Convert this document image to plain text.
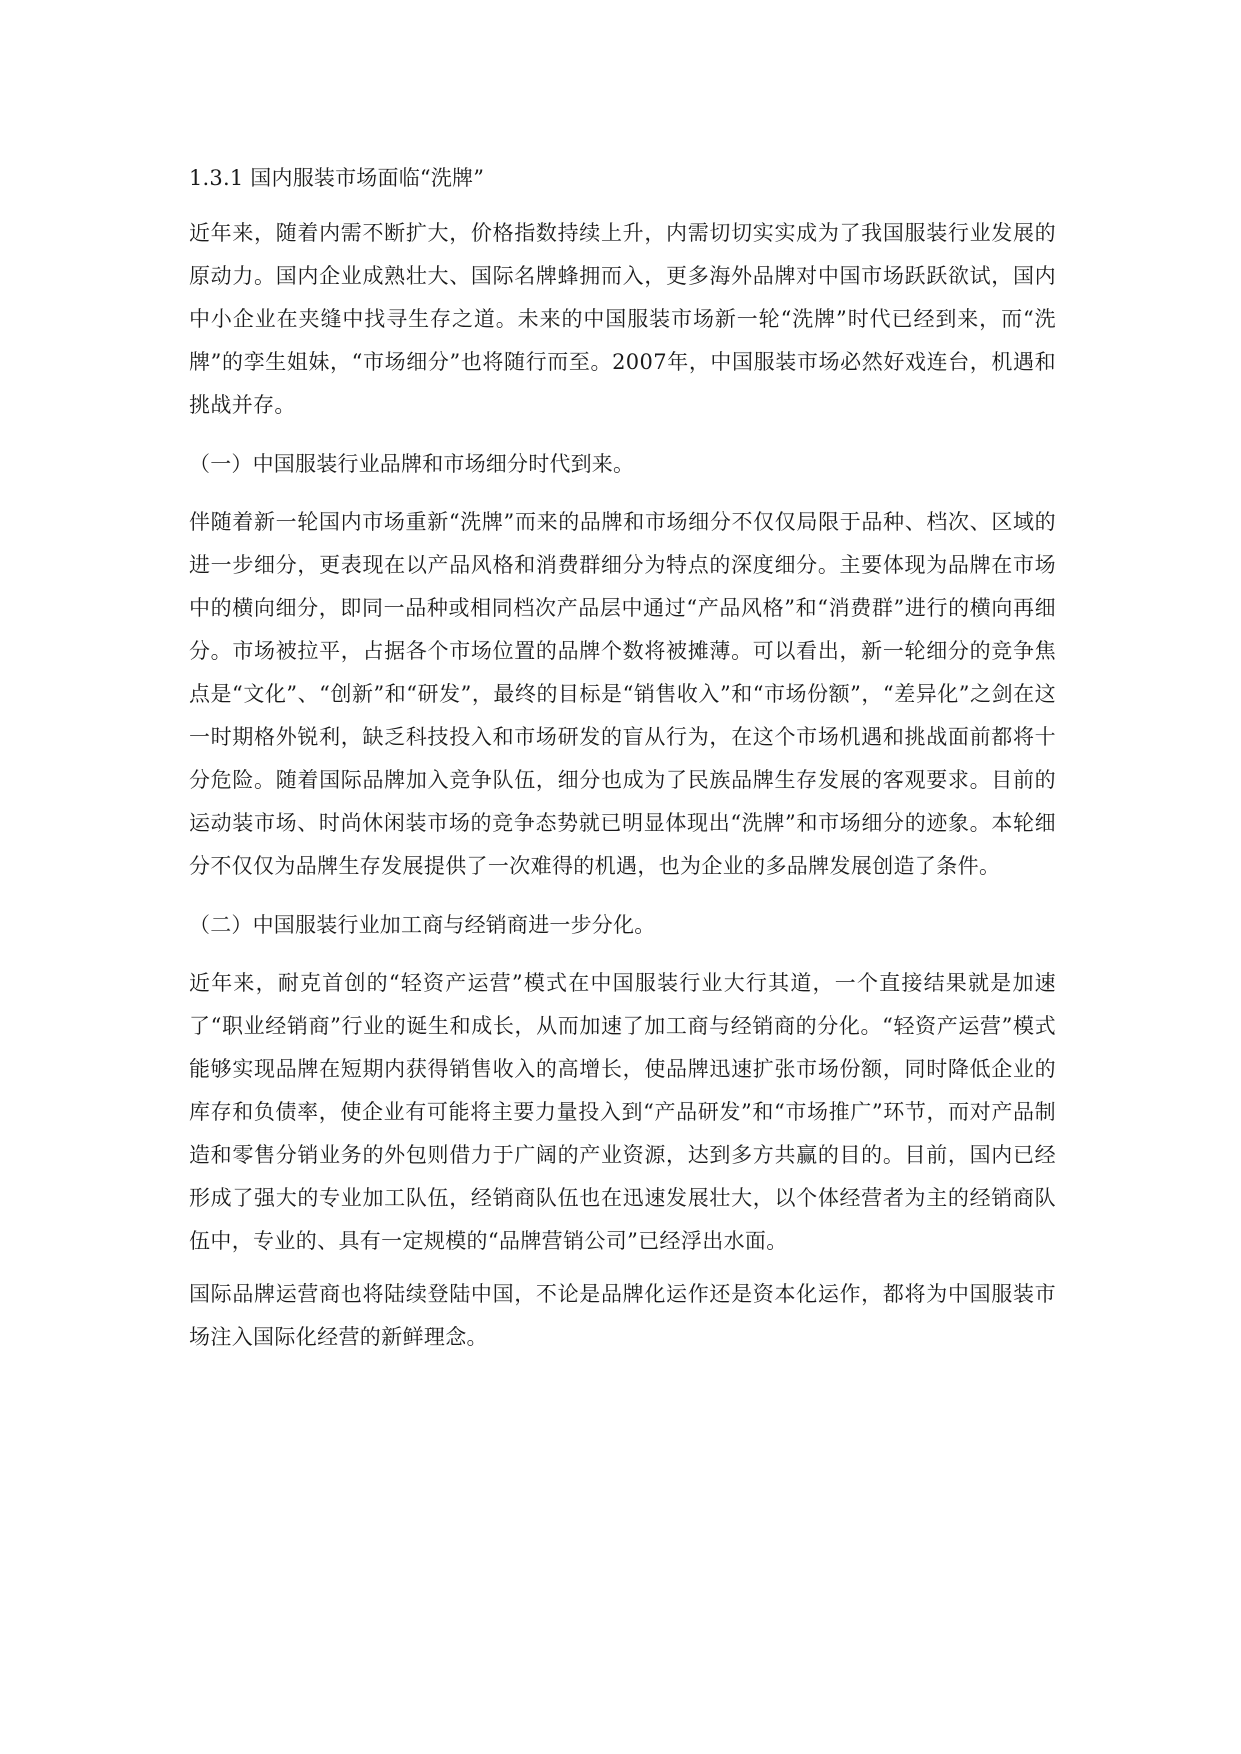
1.3.1 国内服装市场面临“洗牌”

近年来，随着内需不断扩大，价格指数持续上升，内需切切实实成为了我国服装行业发展的原动力。国内企业成熟壮大、国际名牌蜂拥而入，更多海外品牌对中国市场跃跃欲试，国内中小企业在夹缝中找寻生存之道。未来的中国服装市场新一轮“洗牌”时代已经到来，而“洗牌”的孪生姐妹，“市场细分”也将随行而至。2007年，中国服装市场必然好戏连台，机遇和挑战并存。

（一）中国服装行业品牌和市场细分时代到来。

伴随着新一轮国内市场重新“洗牌”而来的品牌和市场细分不仅仅局限于品种、档次、区域的进一步细分，更表现在以产品风格和消费群细分为特点的深度细分。主要体现为品牌在市场中的横向细分，即同一品种或相同档次产品层中通过“产品风格”和“消费群”进行的横向再细分。市场被拉平，占据各个市场位置的品牌个数将被摊薄。可以看出，新一轮细分的竞争焦点是“文化”、“创新”和“研发”，最终的目标是“销售收入”和“市场份额”，“差异化”之剑在这一时期格外锐利，缺乏科技投入和市场研发的盲从行为，在这个市场机遇和挑战面前都将十分危险。随着国际品牌加入竞争队伍，细分也成为了民族品牌生存发展的客观要求。目前的运动装市场、时尚休闲装市场的竞争态势就已明显体现出“洗牌”和市场细分的迹象。本轮细分不仅仅为品牌生存发展提供了一次难得的机遇，也为企业的多品牌发展创造了条件。

（二）中国服装行业加工商与经销商进一步分化。

近年来，耐克首创的“轻资产运营”模式在中国服装行业大行其道，一个直接结果就是加速了“职业经销商”行业的诞生和成长，从而加速了加工商与经销商的分化。“轻资产运营”模式能够实现品牌在短期内获得销售收入的高增长，使品牌迅速扩张市场份额，同时降低企业的库存和负债率，使企业有可能将主要力量投入到“产品研发”和“市场推广”环节，而对产品制造和零售分销业务的外包则借力于广阔的产业资源，达到多方共赢的目的。目前，国内已经形成了强大的专业加工队伍，经销商队伍也在迅速发展壮大，以个体经营者为主的经销商队伍中，专业的、具有一定规模的“品牌营销公司”已经浮出水面。

国际品牌运营商也将陆续登陆中国，不论是品牌化运作还是资本化运作，都将为中国服装市场注入国际化经营的新鲜理念。
